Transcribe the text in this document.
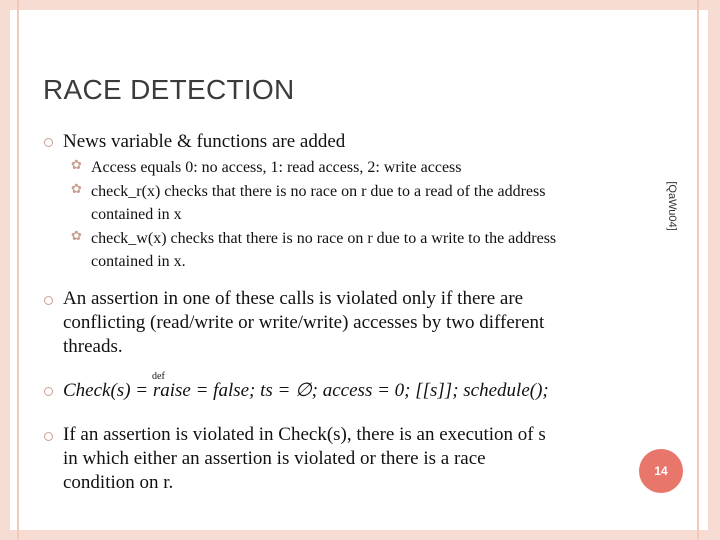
RACE DETECTION
News variable & functions are added
✿ Access equals 0: no access, 1: read access, 2: write access
✿ check_r(x) checks that there is no race on r due to a read of the address
contained in x
✿ check_w(x) checks that there is no race on r due to a write to the address
contained in x.
An assertion in one of these calls is violated only if there are
conflicting (read/write or write/write) accesses by two different
threads.
def
Check(s) = raise = false; ts = ∅; access = 0; [[s]]; schedule();
If an assertion is violated in Check(s), there is an execution of s
in which either an assertion is violated or there is a race
condition on r.
[QaWu04]
14
